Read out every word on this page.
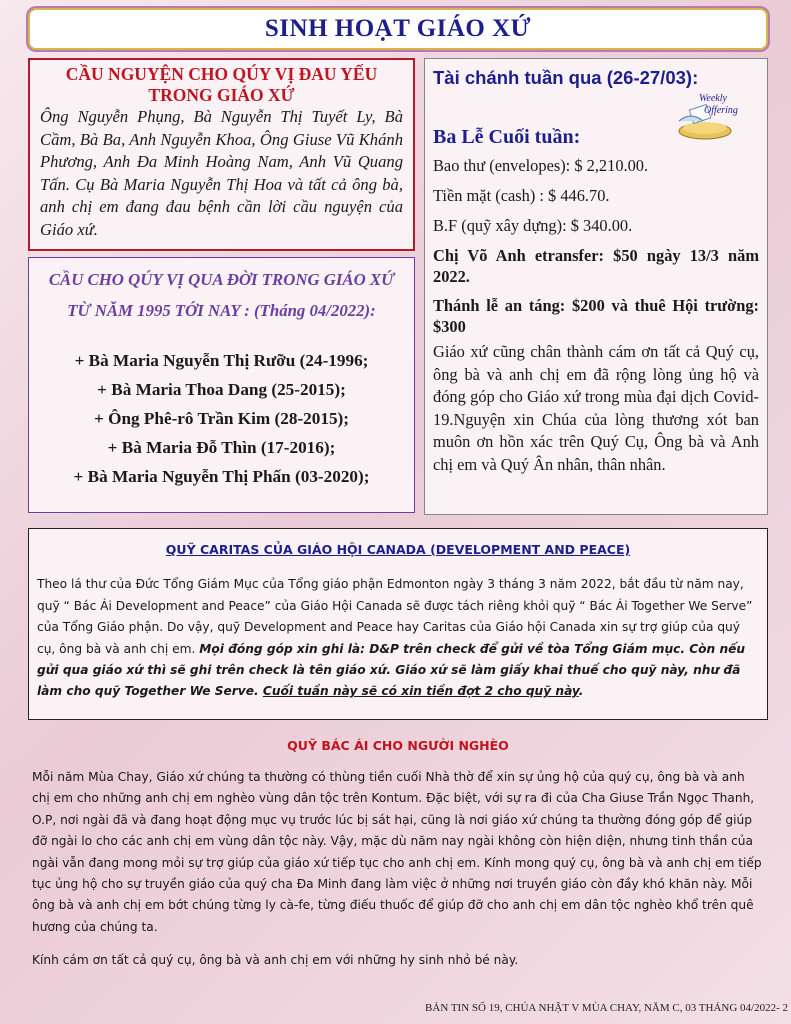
SINH HOẠT GIÁO XỨ
CẦU NGUYỆN CHO QÚY VỊ ĐAU YẾU TRONG GIÁO XỨ

Ông Nguyễn Phụng, Bà Nguyễn Thị Tuyết Ly, Bà Cầm, Bà Ba, Anh Nguyễn Khoa, Ông Giuse Vũ Khánh Phương, Anh Đa Minh Hoàng Nam, Anh Vũ Quang Tấn. Cụ Bà Maria Nguyễn Thị Hoa và tất cả ông bà, anh chị em đang đau bệnh cần lời cầu nguyện của Giáo xứ.

CẦU CHO QÚY VỊ QUA ĐỜI TRONG GIÁO XỨ TỪ NĂM 1995 TỚI NAY : (Tháng 04/2022):
+ Bà Maria Nguyễn Thị Rưỡu (24-1996;
+ Bà Maria Thoa Dang (25-2015);
+ Ông Phê-rô Trần Kim (28-2015);
+ Bà Maria Đỗ Thìn (17-2016);
+ Bà Maria Nguyễn Thị Phấn (03-2020);
Tài chánh tuần qua (26-27/03):
Weekly
Offering
Ba Lễ Cuối tuần:
Bao thư (envelopes): $ 2,210.00.
Tiền mặt (cash) : $ 446.70.
B.F (quỹ xây dựng): $ 340.00.
Chị Võ Anh etransfer: $50 ngày 13/3 năm 2022.
Thánh lễ an táng: $200 và thuê Hội trường: $300

Giáo xứ cũng chân thành cám ơn tất cả Quý cụ, ông bà và anh chị em đã rộng lòng ủng hộ và đóng góp cho Giáo xứ trong mùa đại dịch Covid-19.Nguyện xin Chúa của lòng thương xót ban muôn ơn hồn xác trên Quý Cụ, Ông bà và Anh chị em và Quý Ân nhân, thân nhân.

QUỸ CARITAS CỦA GIÁO HỘI CANADA (DEVELOPMENT AND PEACE)

Theo lá thư của Đức Tổng Giám Mục của Tổng giáo phận Edmonton ngày 3 tháng 3 năm 2022, bắt đầu từ năm nay, quỹ “ Bác Ái Development and Peace” của Giáo Hội Canada sẽ được tách riêng khỏi quỹ “ Bác Ái Together We Serve” của Tổng Giáo phận. Do vậy, quỹ Development and Peace hay Caritas của Giáo hội Canada xin sự trợ giúp của quý cụ, ông bà và anh chị em. Mọi đóng góp xin ghi là: D&P trên check để gửi về tòa Tổng Giám mục. Còn nếu gửi qua giáo xứ thì sẽ ghi trên check là tên giáo xứ. Giáo xứ sẽ làm giấy khai thuế cho quỹ này, như đã làm cho quỹ Together We Serve. Cuối tuần này sẽ có xin tiền đợt 2 cho quỹ này.

QUỸ BÁC ÁI CHO NGƯỜI NGHÈO

Mỗi năm Mùa Chay, Giáo xứ chúng ta thường có thùng tiền cuối Nhà thờ để xin sự ủng hộ của quý cụ, ông bà và anh chị em cho những anh chị em nghèo vùng dân tộc trên Kontum. Đặc biệt, với sự ra đi của Cha Giuse Trần Ngọc Thanh, O.P, nơi ngài đã và đang hoạt động mục vụ trước lúc bị sát hại, cũng là nơi giáo xứ chúng ta thường đóng góp để giúp đỡ ngài lo cho các anh chị em vùng dân tộc này. Vậy, mặc dù năm nay ngài không còn hiện diện, nhưng tinh thần của ngài vẫn đang mong mỏi sự trợ giúp của giáo xứ tiếp tục cho anh chị em. Kính mong quý cụ, ông bà và anh chị em tiếp tục ủng hộ cho sự truyền giáo của quý cha Đa Minh đang làm việc ở những nơi truyền giáo còn đầy khó khăn này. Mỗi ông bà và anh chị em bớt chúng từng ly cà-fe, từng điếu thuốc để giúp đỡ cho anh chị em dân tộc nghèo khổ trên quê hương của chúng ta.

Kính cám ơn tất cả quý cụ, ông bà và anh chị em với những hy sinh nhỏ bé này.

BẢN TIN SỐ 19, CHÚA NHẬT V MÙA CHAY, NĂM C, 03 THÁNG 04/2022- 2
